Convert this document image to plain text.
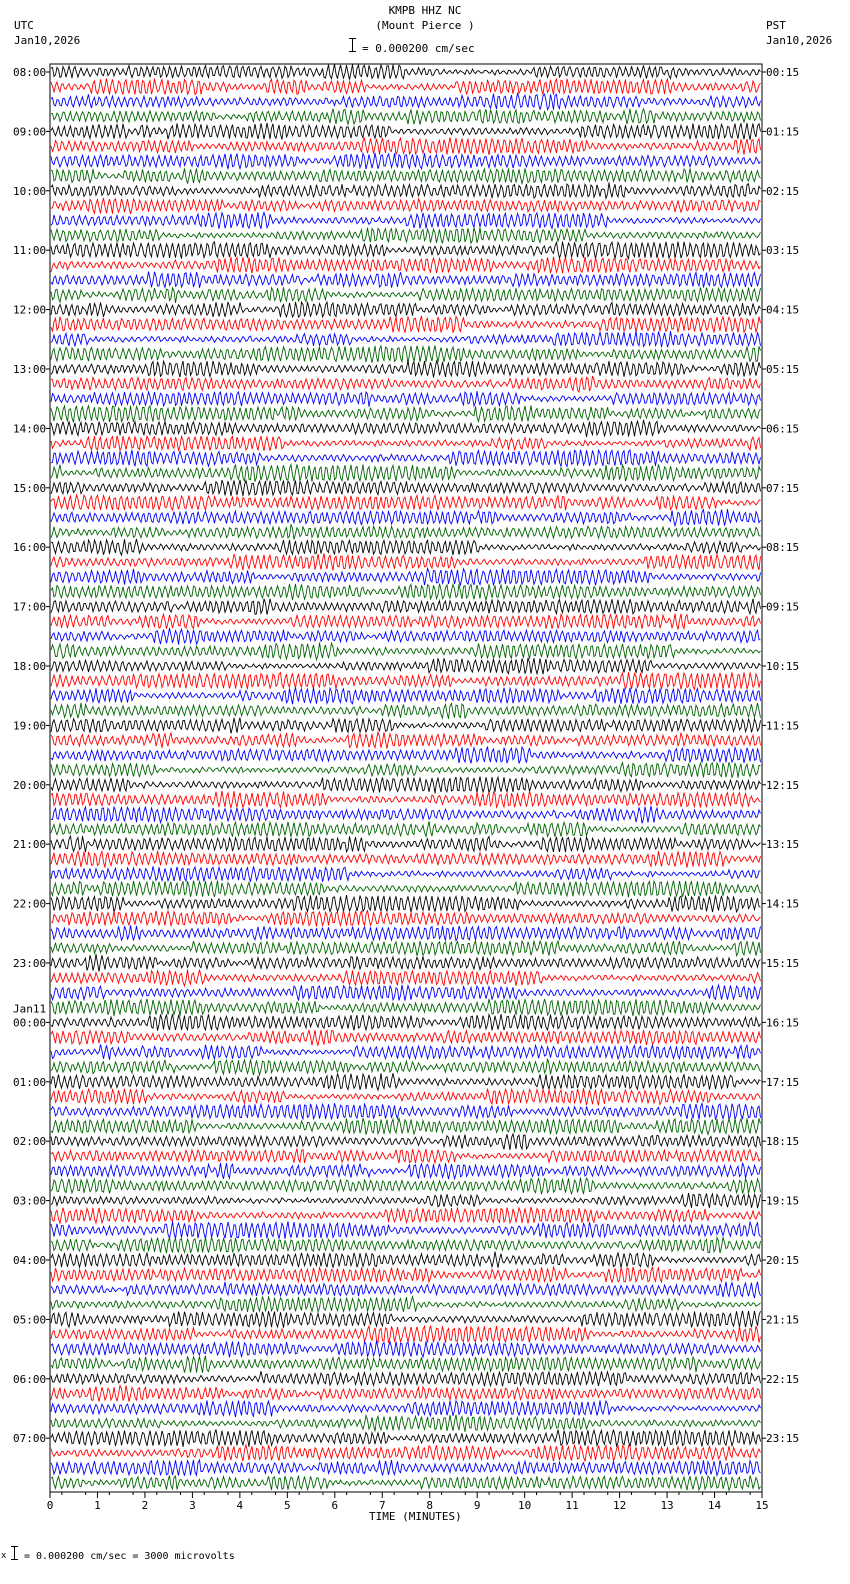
KMPB HHZ NC
(Mount Pierce )
= 0.000200 cm/sec
UTC
Jan10,2026
PST
Jan10,2026
08:00
09:00
10:00
11:00
12:00
13:00
14:00
15:00
16:00
17:00
18:00
19:00
20:00
21:00
22:00
23:00
00:00
01:00
02:00
03:00
04:00
05:00
06:00
07:00
00:15
01:15
02:15
03:15
04:15
05:15
06:15
07:15
08:15
09:15
10:15
11:15
12:15
13:15
14:15
15:15
16:15
17:15
18:15
19:15
20:15
21:15
22:15
23:15
Jan11
0	1	2	3	4	5	6	7	8	9	10	11	12	13	14	15
TIME (MINUTES)
x = 0.000200 cm/sec = 3000 microvolts
